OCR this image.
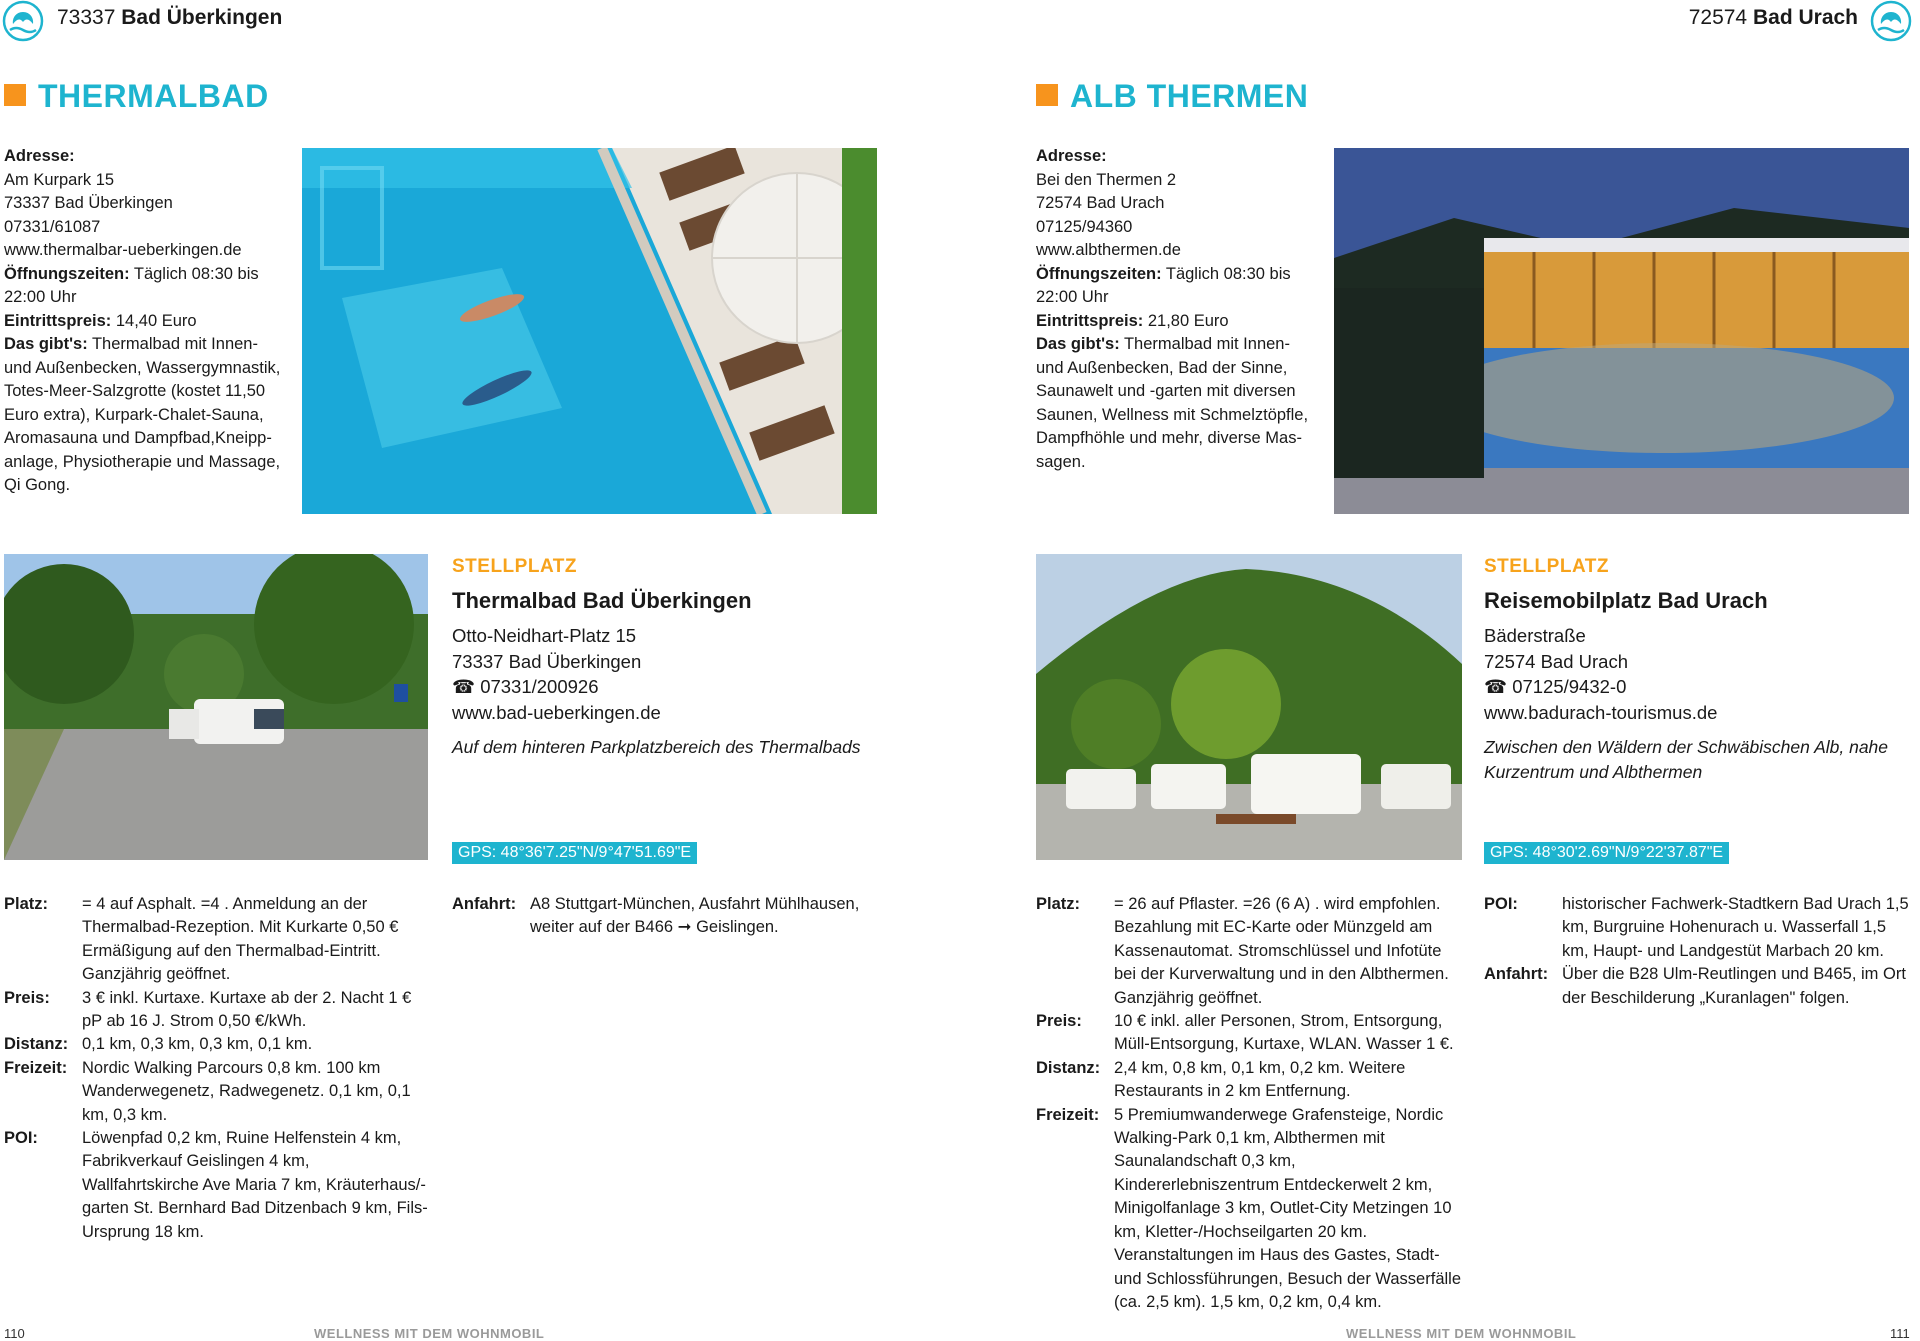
73337 Bad Überkingen	72574 Bad Urach
THERMALBAD	ALB THERMEN
Adresse:
Am Kurpark 15
73337 Bad Überkingen
07331/61087
www.thermalbar-ueberkingen.de
Öffnungszeiten: Täglich 08:30 bis
22:00 Uhr
Eintrittspreis: 14,40 Euro
Das gibt's: Thermalbad mit Innen-
und Außenbecken, Wassergymnastik,
Totes-Meer-Salzgrotte (kostet 11,50
Euro extra), Kurpark-Chalet-Sauna,
Aromasauna und Dampfbad,Kneipp-
anlage, Physiotherapie und Massage,
Qi Gong.
STELLPLATZ
Thermalbad Bad Überkingen
Otto-Neidhart-Platz 15
73337 Bad Überkingen
☎ 07331/200926
www.bad-ueberkingen.de
Auf dem hinteren Parkplatzbereich des Thermalbads
GPS: 48°36'7.25"N/9°47'51.69"E
Platz:	= 4 auf Asphalt. =4 . Anmeldung an der Thermalbad-Rezeption. Mit Kurkarte 0,50 € Ermäßigung auf den Thermalbad-Eintritt. Ganzjährig geöffnet.
Preis:	3 € inkl. Kurtaxe. Kurtaxe ab der 2. Nacht 1 € pP ab 16 J. Strom 0,50 €/kWh.
Distanz: 0,1 km, 0,3 km, 0,3 km, 0,1 km.
Freizeit: Nordic Walking Parcours 0,8 km. 100 km Wanderwegenetz, Radwegenetz. 0,1 km, 0,1 km, 0,3 km.
POI:	Löwenpfad 0,2 km, Ruine Helfenstein 4 km, Fabrikverkauf Geislingen 4 km, Wallfahrtskirche Ave Maria 7 km, Kräuterhaus/-garten St. Bernhard Bad Ditzenbach 9 km, Fils-Ursprung 18 km.
Anfahrt: A8 Stuttgart-München, Ausfahrt Mühlhausen, weiter auf der B466 ➞ Geislingen.
Adresse:
Bei den Thermen 2
72574 Bad Urach
07125/94360
www.albthermen.de
Öffnungszeiten: Täglich 08:30 bis
22:00 Uhr
Eintrittspreis: 21,80 Euro
Das gibt's: Thermalbad mit Innen-
und Außenbecken, Bad der Sinne,
Saunawelt und -garten mit diversen
Saunen, Wellness mit Schmelztöpfle,
Dampfhöhle und mehr, diverse Mas-
sagen.
STELLPLATZ
Reisemobilplatz Bad Urach
Bäderstraße
72574 Bad Urach
☎ 07125/9432-0
www.badurach-tourismus.de
Zwischen den Wäldern der Schwäbischen Alb, nahe Kurzentrum und Albthermen
GPS: 48°30'2.69"N/9°22'37.87"E
Platz:	= 26 auf Pflaster. =26 (6 A) . wird empfohlen. Bezahlung mit EC-Karte oder Münzgeld am Kassenautomat. Stromschlüssel und Infotüte bei der Kurverwaltung und in den Albthermen. Ganzjährig geöffnet.
Preis:	10 € inkl. aller Personen, Strom, Entsorgung, Müll-Entsorgung, Kurtaxe, WLAN. Wasser 1 €.
Distanz: 2,4 km, 0,8 km, 0,1 km, 0,2 km. Weitere Restaurants in 2 km Entfernung.
Freizeit: 5 Premiumwanderwege Grafensteige, Nordic Walking-Park 0,1 km, Albthermen mit Saunalandschaft 0,3 km, Kindererlebniszentrum Entdeckerwelt 2 km, Minigolfanlage 3 km, Outlet-City Metzingen 10 km, Kletter-/Hochseilgarten 20 km. Veranstaltungen im Haus des Gastes, Stadt- und Schlossführungen, Besuch der Wasserfälle (ca. 2,5 km). 1,5 km, 0,2 km, 0,4 km.
POI:	historischer Fachwerk-Stadtkern Bad Urach 1,5 km, Burgruine Hohenurach u. Wasserfall 1,5 km, Haupt- und Landgestüt Marbach 20 km.
Anfahrt: Über die B28 Ulm-Reutlingen und B465, im Ort der Beschilderung „Kuranlagen" folgen.
110	WELLNESS MIT DEM WOHNMOBIL	WELLNESS MIT DEM WOHNMOBIL	111
